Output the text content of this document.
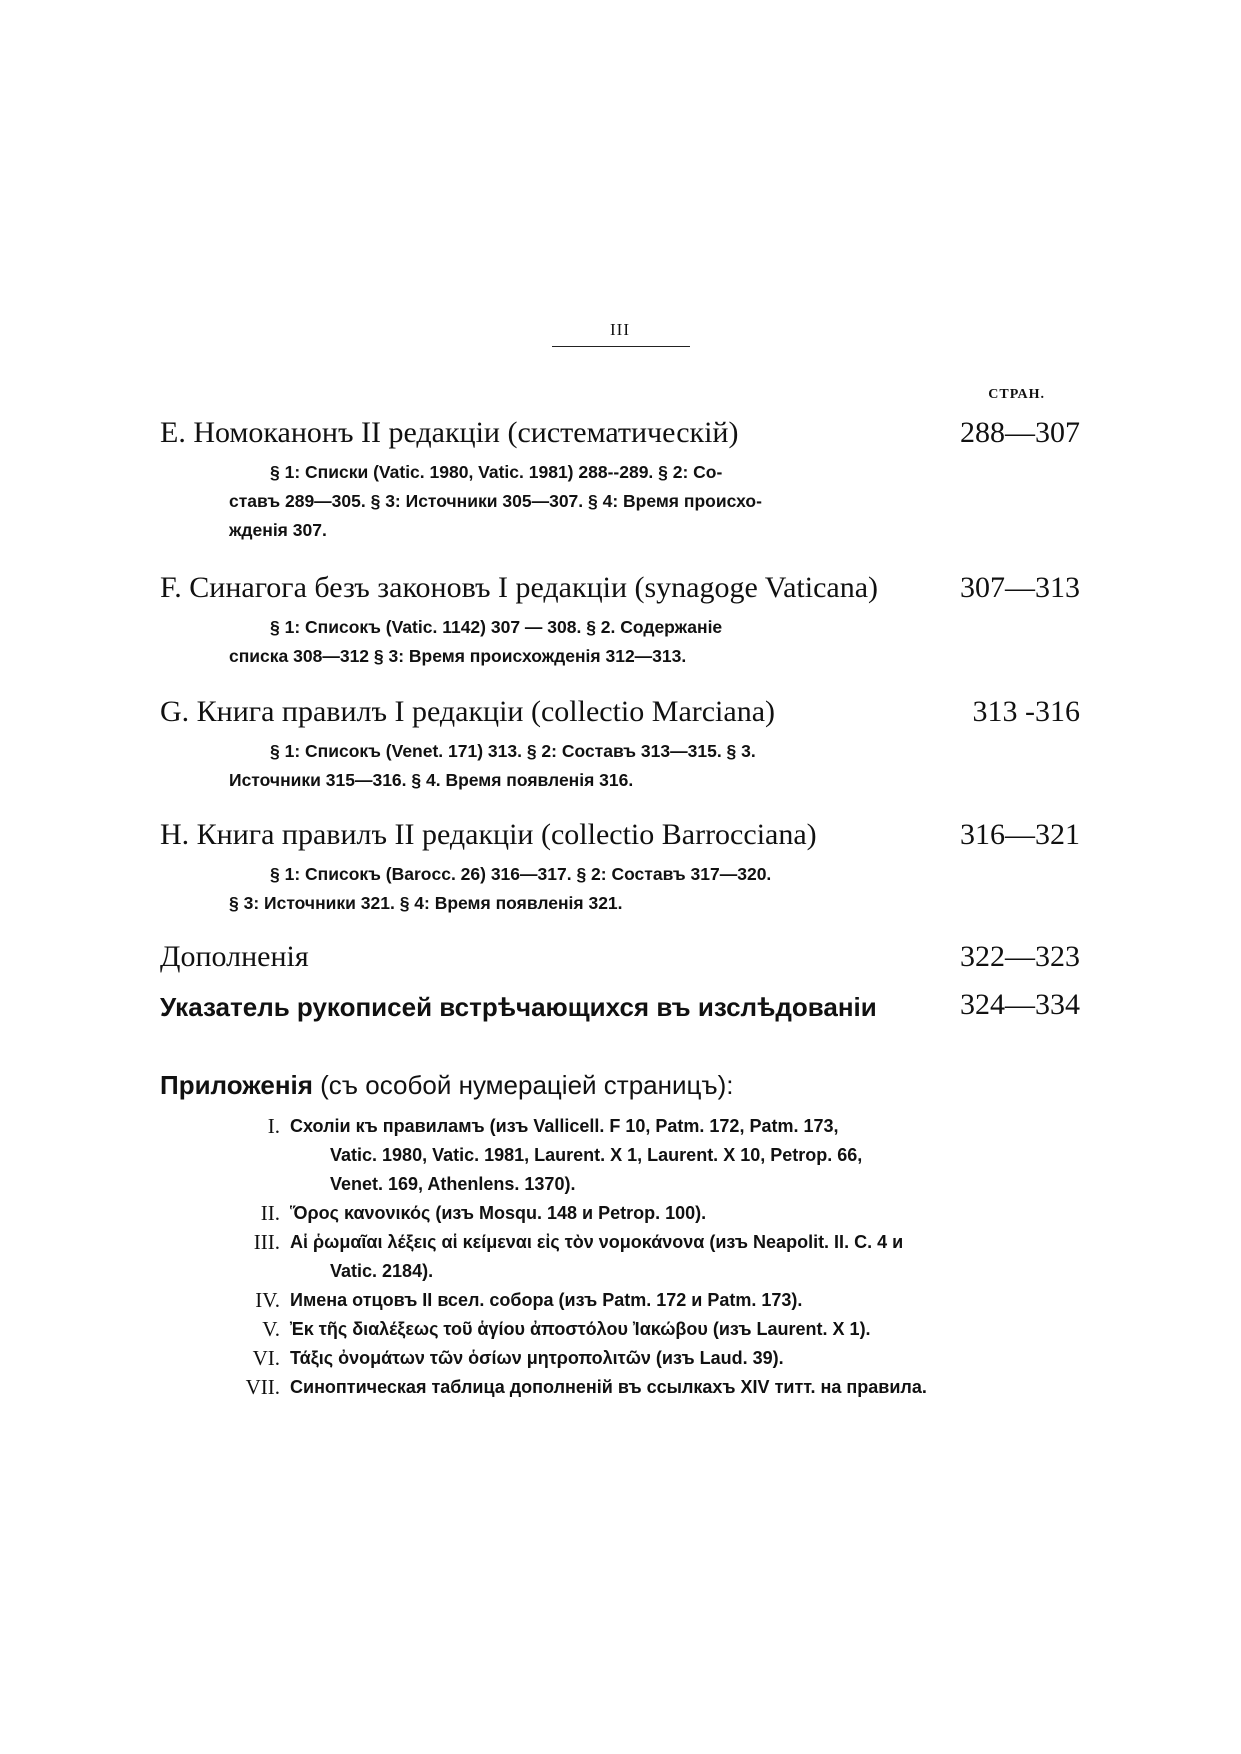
III
СТРАН.
E. Номоканонъ II редакціи (систематическій)	288—307
§ 1: Списки (Vatic. 1980, Vatic. 1981) 288--289. § 2: Со-
ставъ 289—305. § 3: Источники 305—307. § 4: Время происхо-
жденія 307.
F. Синагога безъ законовъ I редакціи (synagoge Vaticana)	307—313
§ 1: Списокъ (Vatic. 1142) 307 — 308. § 2. Содержаніе
списка 308—312 § 3: Время происхожденія 312—313.
G. Книга правилъ I редакціи (collectio Marciana)	313 -316
§ 1: Списокъ (Venet. 171) 313. § 2: Составъ 313—315. § 3.
Источники 315—316. § 4. Время появленія 316.
H. Книга правилъ II редакціи (collectio Barrocciana)	316—321
§ 1: Списокъ (Barocc. 26) 316—317. § 2: Составъ 317—320.
§ 3: Источники 321. § 4: Время появленія 321.
Дополненія	322—323
Указатель рукописей встрѣчающихся въ изслѣдованіи	324—334
Приложенія (съ особой нумераціей страницъ):
I. Схоліи къ правиламъ (изъ Vallicell. F 10, Patm. 172, Patm. 173,
Vatic. 1980, Vatic. 1981, Laurent. X 1, Laurent. X 10, Petrop. 66,
Venet. 169, Athenlens. 1370).
II. Ὅρος κανονικός (изъ Mosqu. 148 и Petrop. 100).
III. Αἱ ῥωμαῖαι λέξεις αἱ κείμεναι εἰς τὸν νομοκάνονα (изъ Neapolit. II. C. 4 и
Vatic. 2184).
IV. Имена отцовъ II всел. собора (изъ Patm. 172 и Patm. 173).
V. Ἐκ τῆς διαλέξεως τοῦ ἁγίου ἀποστόλου Ἰακώβου (изъ Laurent. X 1).
VI. Τάξις ὀνομάτων τῶν ὁσίων μητροπολιτῶν (изъ Laud. 39).
VII. Синоптическая таблица дополненій въ ссылкахъ XIV титт. на правила.
